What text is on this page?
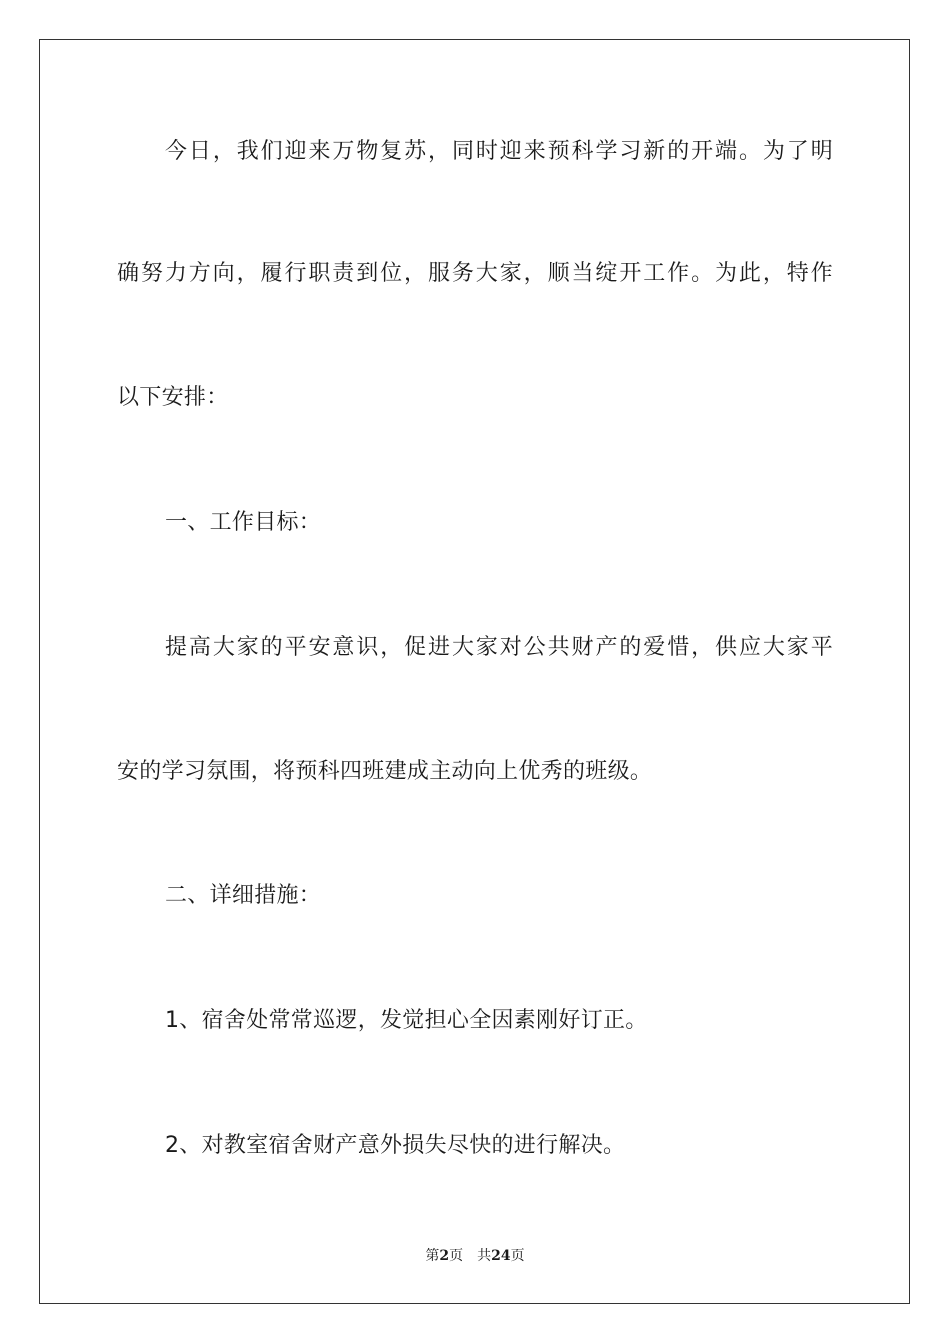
今日，我们迎来万物复苏，同时迎来预科学习新的开端。为了明
确努力方向，履行职责到位，服务大家，顺当绽开工作。为此，特作
以下安排：
一、工作目标：
提高大家的平安意识，促进大家对公共财产的爱惜，供应大家平
安的学习氛围，将预科四班建成主动向上优秀的班级。
二、详细措施：
1、宿舍处常常巡逻，发觉担心全因素刚好订正。
2、对教室宿舍财产意外损失尽快的进行解决。
第2页 共24页
